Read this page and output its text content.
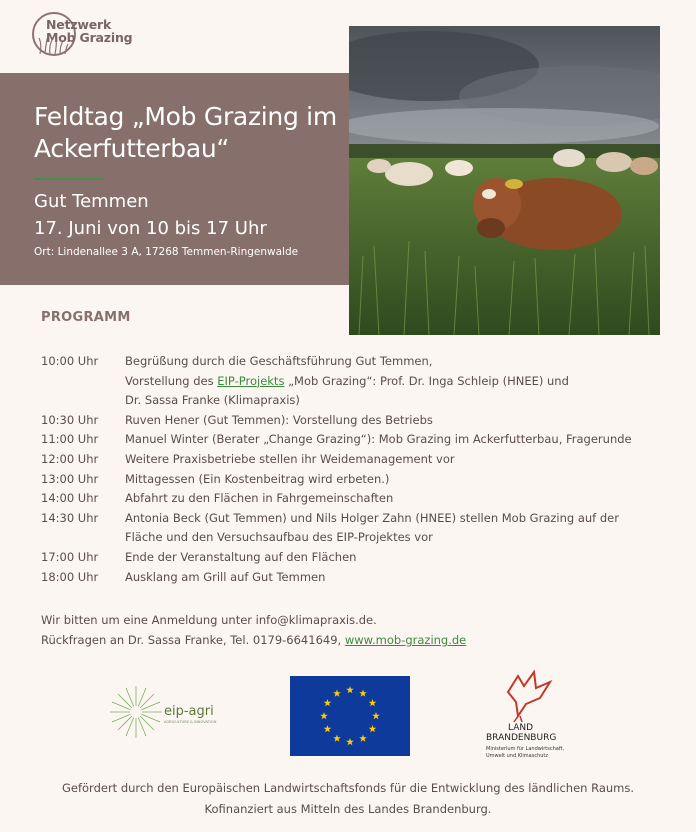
Netzwerk
Mob Grazing
Feldtag „Mob Grazing im Ackerfutterbau“
Gut Temmen
17. Juni von 10 bis 17 Uhr
Ort: Lindenallee 3 A, 17268 Temmen-Ringenwalde
PROGRAMM
10:00 Uhr	Begrüßung durch die Geschäftsführung Gut Temmen,
Vorstellung des EIP-Projekts „Mob Grazing“: Prof. Dr. Inga Schleip (HNEE) und
Dr. Sassa Franke (Klimapraxis)
10:30 Uhr	Ruven Hener (Gut Temmen): Vorstellung des Betriebs
11:00 Uhr	Manuel Winter (Berater „Change Grazing“): Mob Grazing im Ackerfutterbau, Fragerunde
12:00 Uhr	Weitere Praxisbetriebe stellen ihr Weidemanagement vor
13:00 Uhr	Mittagessen (Ein Kostenbeitrag wird erbeten.)
14:00 Uhr	Abfahrt zu den Flächen in Fahrgemeinschaften
14:30 Uhr	Antonia Beck (Gut Temmen) und Nils Holger Zahn (HNEE) stellen Mob Grazing auf der
Fläche und den Versuchsaufbau des EIP-Projektes vor
17:00 Uhr	Ende der Veranstaltung auf den Flächen
18:00 Uhr	Ausklang am Grill auf Gut Temmen
Wir bitten um eine Anmeldung unter info@klimapraxis.de.
Rückfragen an Dr. Sassa Franke, Tel. 0179-6641649, www.mob-grazing.de
eip-agri
AGRICULTURE & INNOVATION
LAND
BRANDENBURG
Ministerium für Landwirtschaft,
Umwelt und Klimaschutz
Gefördert durch den Europäischen Landwirtschaftsfonds für die Entwicklung des ländlichen Raums.
Kofinanziert aus Mitteln des Landes Brandenburg.
